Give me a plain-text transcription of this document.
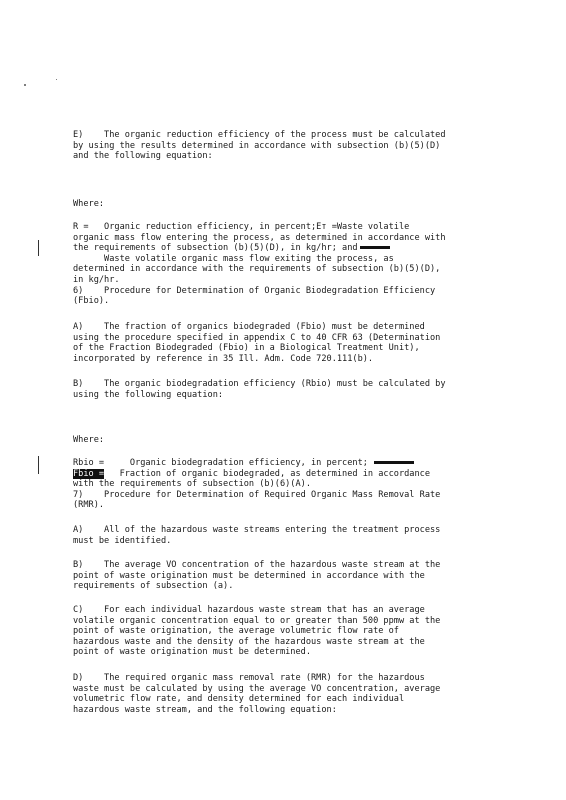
E)    The organic reduction efficiency of the process must be calculated
by using the results determined in accordance with subsection (b)(5)(D)
and the following equation:
Where:
R =   Organic reduction efficiency, in percent;Eт =Waste volatile
organic mass flow entering the process, as determined in accordance with
the requirements of subsection (b)(5)(D), in kg/hr; and
Waste volatile organic mass flow exiting the process, as
determined in accordance with the requirements of subsection (b)(5)(D),
in kg/hr.
6)    Procedure for Determination of Organic Biodegradation Efficiency
(Fbio).
A)    The fraction of organics biodegraded (Fbio) must be determined
using the procedure specified in appendix C to 40 CFR 63 (Determination
of the Fraction Biodegraded (Fbio) in a Biological Treatment Unit),
incorporated by reference in 35 Ill. Adm. Code 720.111(b).
B)    The organic biodegradation efficiency (Rbio) must be calculated by
using the following equation:
Where:
Rbio =     Organic biodegradation efficiency, in percent;
Fbio =   Fraction of organic biodegraded, as determined in accordance
with the requirements of subsection (b)(6)(A).
7)    Procedure for Determination of Required Organic Mass Removal Rate
(RMR).
A)    All of the hazardous waste streams entering the treatment process
must be identified.
B)    The average VO concentration of the hazardous waste stream at the
point of waste origination must be determined in accordance with the
requirements of subsection (a).
C)    For each individual hazardous waste stream that has an average
volatile organic concentration equal to or greater than 500 ppmw at the
point of waste origination, the average volumetric flow rate of
hazardous waste and the density of the hazardous waste stream at the
point of waste origination must be determined.
D)    The required organic mass removal rate (RMR) for the hazardous
waste must be calculated by using the average VO concentration, average
volumetric flow rate, and density determined for each individual
hazardous waste stream, and the following equation:
